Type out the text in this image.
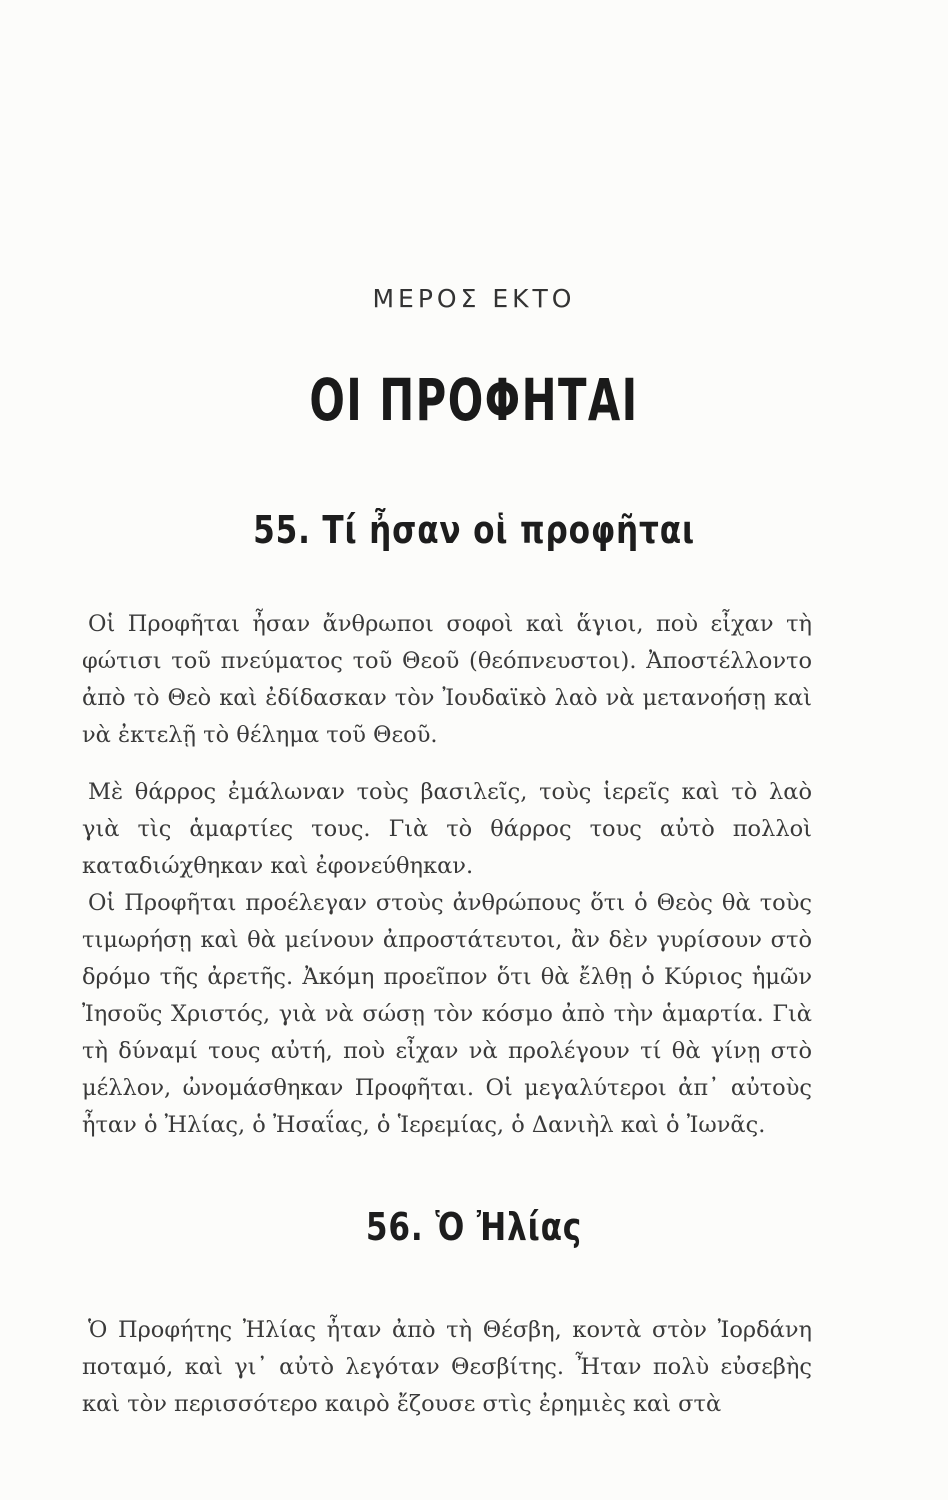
ΜΕΡΟΣ ΕΚΤΟ
ΟΙ ΠΡΟΦΗΤΑΙ
55. Τί ἦσαν οἱ προφῆται

Οἱ Προφῆται ἦσαν ἄνθρωποι σοφοὶ καὶ ἅγιοι, ποὺ εἶχαν τὴ φώτισι τοῦ πνεύματος τοῦ Θεοῦ (θεόπνευστοι). Ἀποστέλλοντο ἀπὸ τὸ Θεὸ καὶ ἐδίδασκαν τὸν Ἰουδαϊκὸ λαὸ νὰ μετανοήσῃ καὶ νὰ ἐκτελῇ τὸ θέλημα τοῦ Θεοῦ.

Μὲ θάρρος ἐμάλωναν τοὺς βασιλεῖς, τοὺς ἱερεῖς καὶ τὸ λαὸ γιὰ τὶς ἁμαρτίες τους. Γιὰ τὸ θάρρος τους αὐτὸ πολλοὶ καταδιώχθηκαν καὶ ἐφονεύθηκαν.

Οἱ Προφῆται προέλεγαν στοὺς ἀνθρώπους ὅτι ὁ Θεὸς θὰ τοὺς τιμωρήσῃ καὶ θὰ μείνουν ἀπροστάτευτοι, ἂν δὲν γυρίσουν στὸ δρόμο τῆς ἀρετῆς. Ἀκόμη προεῖπον ὅτι θὰ ἔλθῃ ὁ Κύριος ἡμῶν Ἰησοῦς Χριστός, γιὰ νὰ σώσῃ τὸν κόσμο ἀπὸ τὴν ἁμαρτία. Γιὰ τὴ δύναμί τους αὐτή, ποὺ εἶχαν νὰ προλέγουν τί θὰ γίνῃ στὸ μέλλον, ὠνομάσθηκαν Προφῆται. Οἱ μεγαλύτεροι ἀπ᾽ αὐτοὺς ἦταν ὁ Ἠλίας, ὁ Ἠσαΐας, ὁ Ἱερεμίας, ὁ Δανιὴλ καὶ ὁ Ἰωνᾶς.

56. Ὁ Ἠλίας

Ὁ Προφήτης Ἠλίας ἦταν ἀπὸ τὴ Θέσβη, κοντὰ στὸν Ἰορδάνη ποταμό, καὶ γι᾽ αὐτὸ λεγόταν Θεσβίτης. Ἦταν πολὺ εὐσεβὴς καὶ τὸν περισσότερο καιρὸ ἔζουσε στὶς ἐρημιὲς καὶ στὰ
